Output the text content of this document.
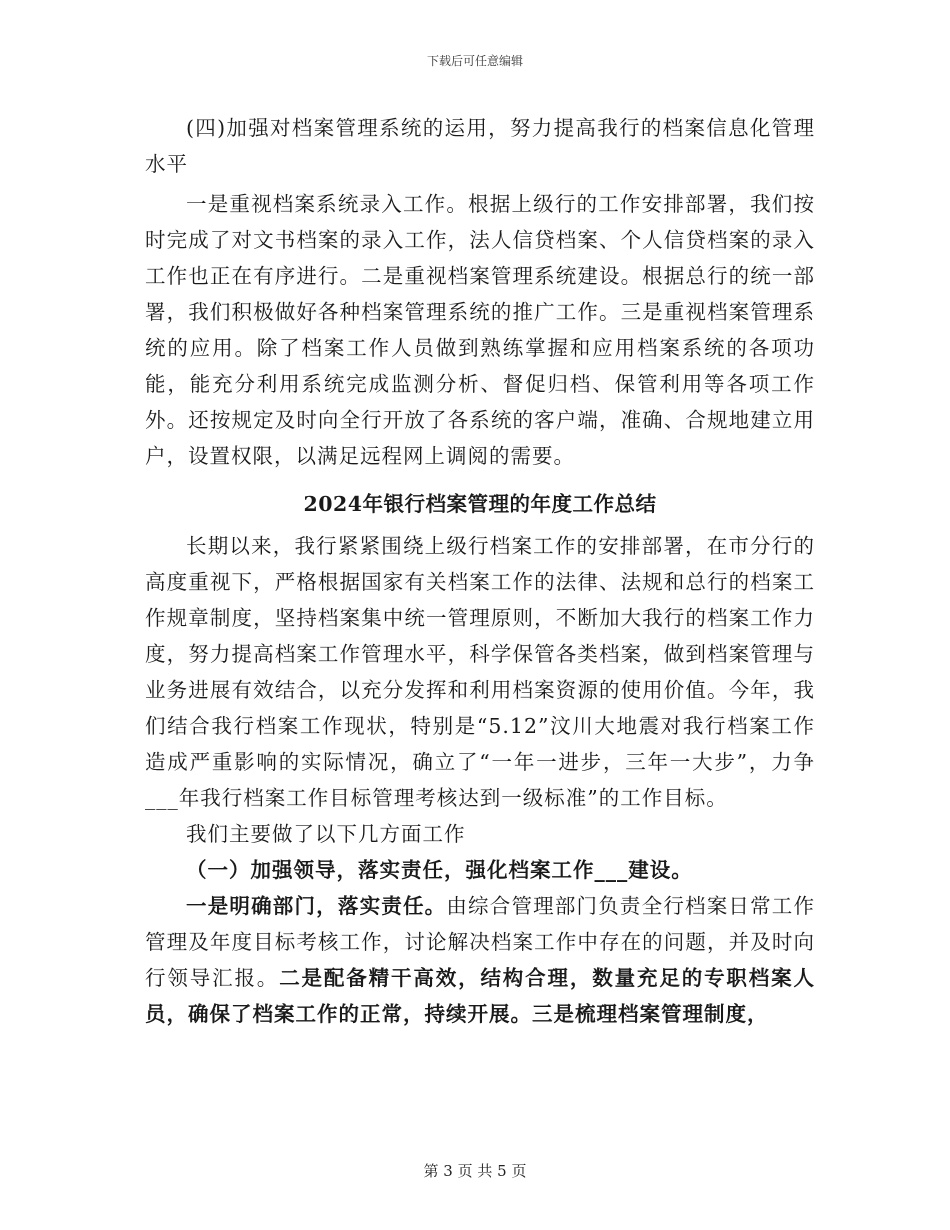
下载后可任意编辑

(四)加强对档案管理系统的运用，努力提高我行的档案信息化管理水平

一是重视档案系统录入工作。根据上级行的工作安排部署，我们按时完成了对文书档案的录入工作，法人信贷档案、个人信贷档案的录入工作也正在有序进行。二是重视档案管理系统建设。根据总行的统一部署，我们积极做好各种档案管理系统的推广工作。三是重视档案管理系统的应用。除了档案工作人员做到熟练掌握和应用档案系统的各项功能，能充分利用系统完成监测分析、督促归档、保管利用等各项工作外。还按规定及时向全行开放了各系统的客户端，准确、合规地建立用户，设置权限，以满足远程网上调阅的需要。

2024年银行档案管理的年度工作总结

长期以来，我行紧紧围绕上级行档案工作的安排部署，在市分行的高度重视下，严格根据国家有关档案工作的法律、法规和总行的档案工作规章制度，坚持档案集中统一管理原则，不断加大我行的档案工作力度，努力提高档案工作管理水平，科学保管各类档案，做到档案管理与业务进展有效结合，以充分发挥和利用档案资源的使用价值。今年，我们结合我行档案工作现状，特别是“5.12”汶川大地震对我行档案工作造成严重影响的实际情况，确立了“一年一进步，三年一大步”，力争___年我行档案工作目标管理考核达到一级标准”的工作目标。

我们主要做了以下几方面工作

（一）加强领导，落实责任，强化档案工作___建设。

一是明确部门，落实责任。由综合管理部门负责全行档案日常工作管理及年度目标考核工作，讨论解决档案工作中存在的问题，并及时向行领导汇报。二是配备精干高效，结构合理，数量充足的专职档案人员，确保了档案工作的正常，持续开展。三是梳理档案管理制度，

第 3 页 共 5 页
